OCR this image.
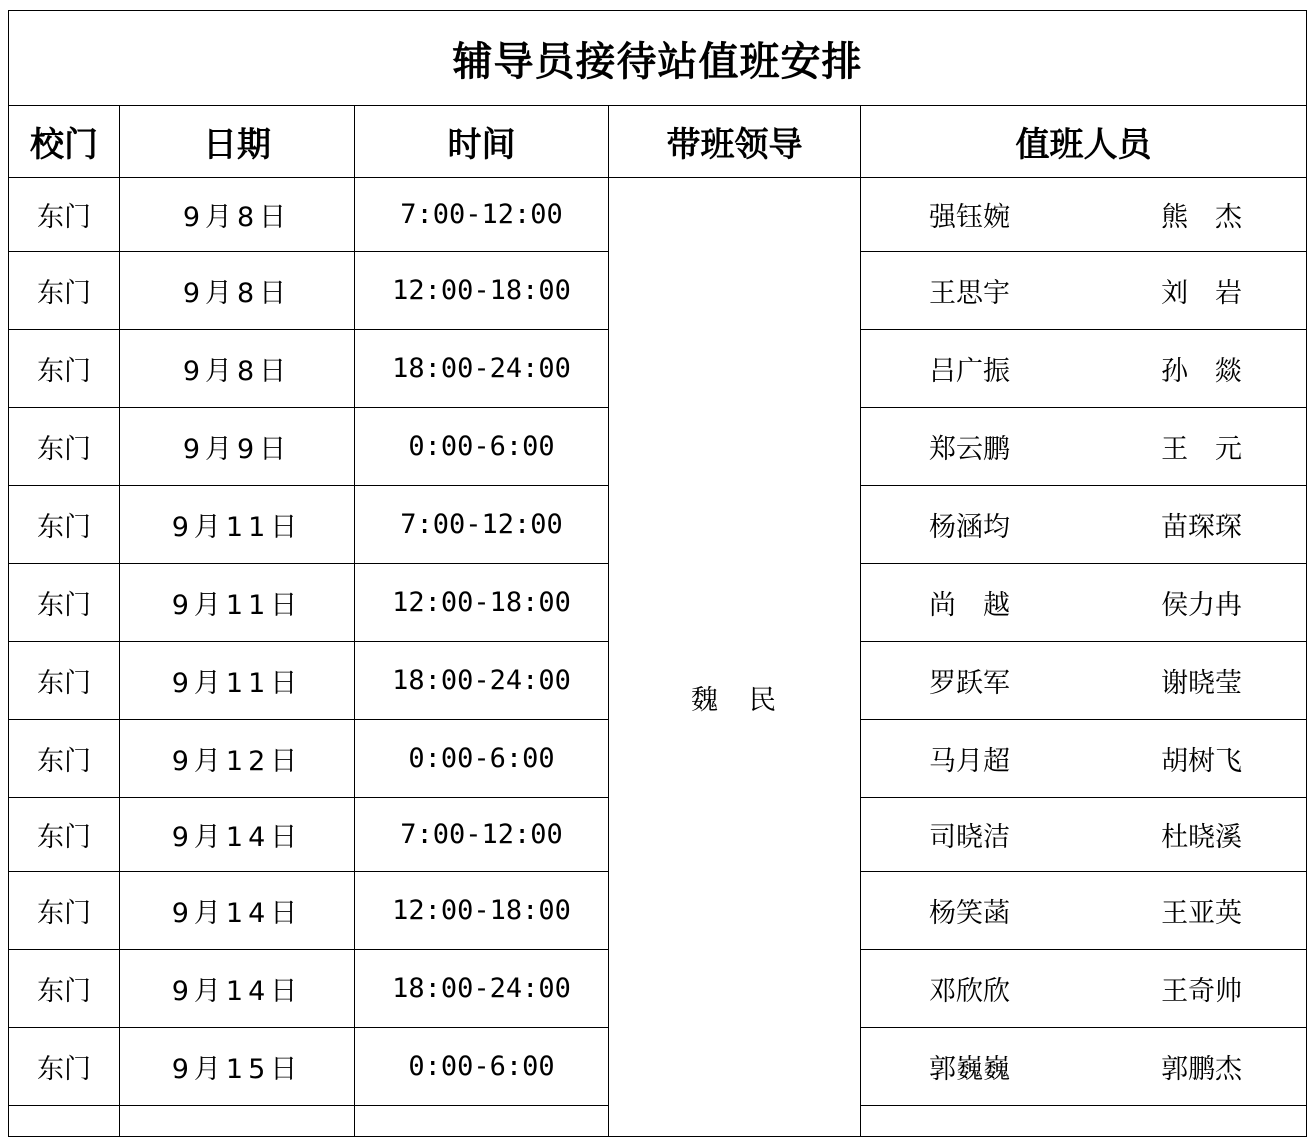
辅导员接待站值班安排				
校门	日期	时间	带班领导	值班人员
东门	9月8日	7:00-12:00	魏　民	强钰婉 熊　杰

东门	9月8日	12:00-18:00		王思宇 刘　岩

东门	9月8日	18:00-24:00		吕广振 孙　燚

东门	9月9日	0:00-6:00		郑云鹏 王　元

东门	9月11日	7:00-12:00		杨涵均 苗琛琛

东门	9月11日	12:00-18:00		尚　越 侯力冉

东门	9月11日	18:00-24:00		罗跃军 谢晓莹

东门	9月12日	0:00-6:00		马月超 胡树飞

东门	9月14日	7:00-12:00		司晓洁 杜晓溪

东门	9月14日	12:00-18:00		杨笑菡 王亚英

东门	9月14日	18:00-24:00		邓欣欣 王奇帅

东门	9月15日	0:00-6:00		郭巍巍 郭鹏杰
